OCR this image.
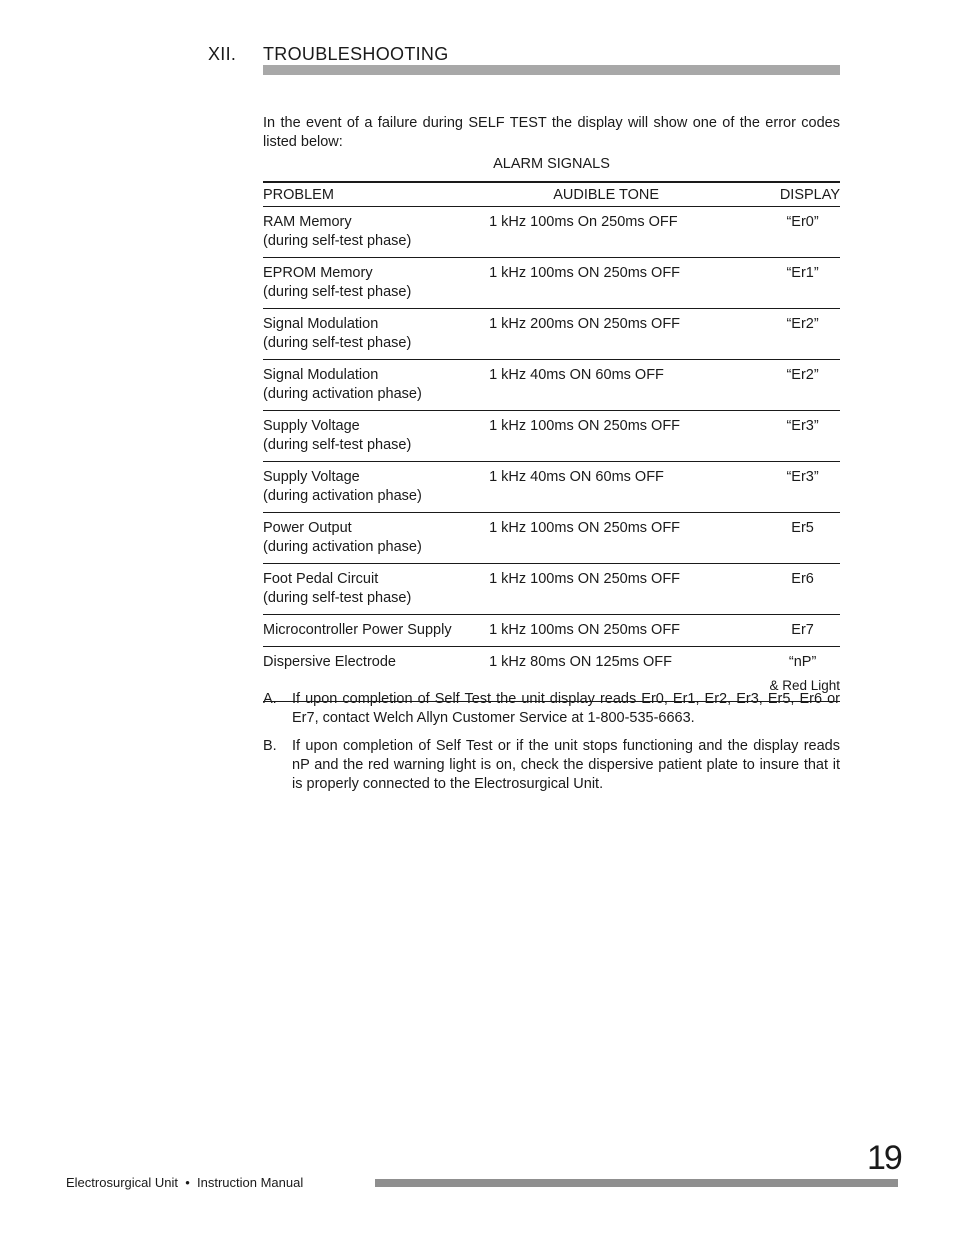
XII. TROUBLESHOOTING

In the event of a failure during SELF TEST the display will show one of the error codes listed below:

ALARM SIGNALS
PROBLEM	AUDIBLE TONE	DISPLAY
RAM Memory
(during self-test phase)	1 kHz 100ms On 250ms OFF	“Er0”
EPROM Memory
(during self-test phase)	1 kHz 100ms ON 250ms OFF	“Er1”
Signal Modulation
(during self-test phase)	1 kHz 200ms ON 250ms OFF	“Er2”
Signal Modulation
(during activation phase)	1 kHz 40ms ON 60ms OFF	“Er2”
Supply Voltage
(during self-test phase)	1 kHz 100ms ON 250ms OFF	“Er3”
Supply Voltage
(during activation phase)	1 kHz 40ms ON 60ms OFF	“Er3”
Power Output
(during activation phase)	1 kHz 100ms ON 250ms OFF	Er5
Foot Pedal Circuit
(during self-test phase)	1 kHz 100ms ON 250ms OFF	Er6
Microcontroller Power Supply	1 kHz 100ms ON 250ms OFF	Er7
Dispersive Electrode	1 kHz 80ms ON 125ms OFF	“nP”
& Red Light
A. If upon completion of Self Test the unit display reads Er0, Er1, Er2, Er3, Er5, Er6 or Er7, contact Welch Allyn Customer Service at 1-800-535-6663.
B. If upon completion of Self Test or if the unit stops functioning and the display reads nP and the red warning light is on, check the dispersive patient plate to insure that it is properly connected to the Electrosurgical Unit.
19
Electrosurgical Unit  •  Instruction Manual
